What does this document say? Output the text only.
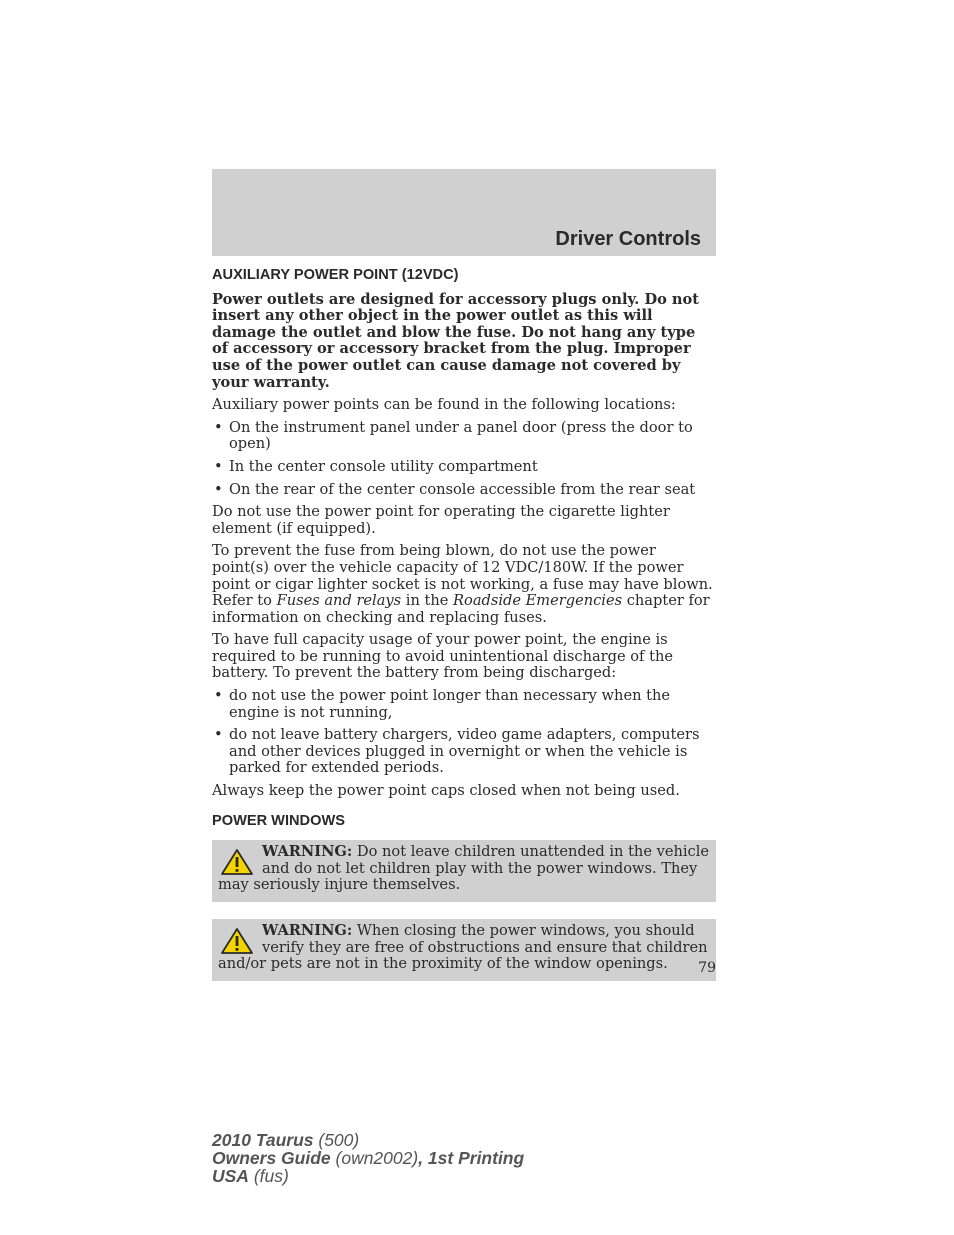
Driver Controls
AUXILIARY POWER POINT (12VDC)

Power outlets are designed for accessory plugs only. Do not insert any other object in the power outlet as this will damage the outlet and blow the fuse. Do not hang any type of accessory or accessory bracket from the plug. Improper use of the power outlet can cause damage not covered by your warranty.

Auxiliary power points can be found in the following locations:

• On the instrument panel under a panel door (press the door to open)
• In the center console utility compartment
• On the rear of the center console accessible from the rear seat

Do not use the power point for operating the cigarette lighter element (if equipped).

To prevent the fuse from being blown, do not use the power point(s) over the vehicle capacity of 12 VDC/180W. If the power point or cigar lighter socket is not working, a fuse may have blown. Refer to Fuses and relays in the Roadside Emergencies chapter for information on checking and replacing fuses.

To have full capacity usage of your power point, the engine is required to be running to avoid unintentional discharge of the battery. To prevent the battery from being discharged:

• do not use the power point longer than necessary when the engine is not running,
• do not leave battery chargers, video game adapters, computers and other devices plugged in overnight or when the vehicle is parked for extended periods.

Always keep the power point caps closed when not being used.

POWER WINDOWS
WARNING: Do not leave children unattended in the vehicle and do not let children play with the power windows. They may seriously injure themselves.
WARNING: When closing the power windows, you should verify they are free of obstructions and ensure that children and/or pets are not in the proximity of the window openings.	79
2010 Taurus (500)
Owners Guide (own2002), 1st Printing
USA (fus)
